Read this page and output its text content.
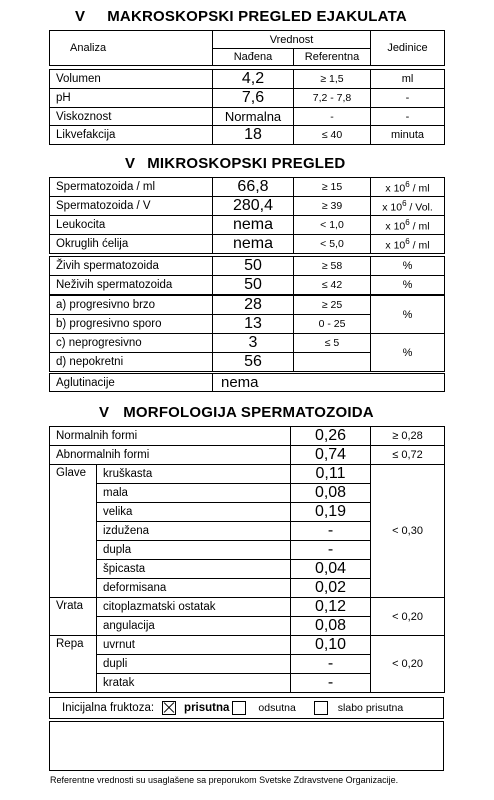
V MAKROSKOPSKI PREGLED EJAKULATA
Analiza	Vrednost		Jedinice
	Nađena	Referentna	

Volumen	4,2	≥ 1,5	ml
pH	7,6	7,2 - 7,8	-
Viskoznost	Normalna	-	-
Likvefakcija	18	≤ 40	minuta
V MIKROSKOPSKI PREGLED
Spermatozoida / ml	66,8	≥ 15	x $10^6$ / ml
Spermatozoida / V	280,4	≥ 39	x $10^6$ / Vol.
Leukocita	nema	< 1,0	x $10^6$ / ml
Okruglih ćelija	nema	< 5,0	x $10^6$ / ml
Živih spermatozoida	50	≥ 58	%
Neživih spermatozoida	50	≤ 42	%
a) progresivno brzo	28	≥ 25	%
b) progresivno sporo	13	0 - 25	
c) neprogresivno	3	≤ 5	%
d) nepokretni	56		
Aglutinacije	nema
V MORFOLOGIJA SPERMATOZOIDA
Normalnih formi		0,26	≥ 0,28
Abnormalnih formi		0,74	≤ 0,72
Glave	kruškasta	0,11	< 0,30
	mala	0,08	
	velika	0,19	
	izdužena	-	
	dupla	-	
	špicasta	0,04	
	deformisana	0,02	
Vrata	citoplazmatski ostatak	0,12	< 0,20
	angulacija	0,08	
Repa	uvrnut	0,10	< 0,20
	dupli	-	
	kratak	-	
Inicijalna fruktoza:	prisutna	odsutna	slabo prisutna
Referentne vrednosti su usaglašene sa preporukom Svetske Zdravstvene Organizacije.
